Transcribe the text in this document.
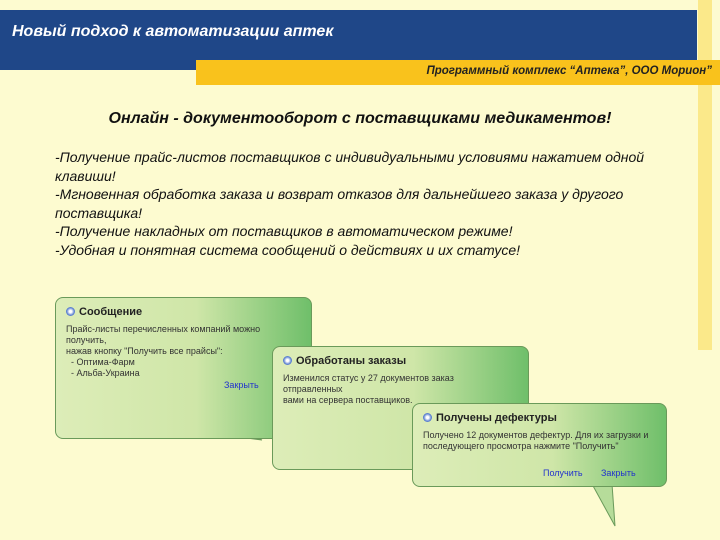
Новый подход к автоматизации аптек
Программный комплекс “Аптека”, ООО Морион”
Онлайн - документооборот с поставщиками медикаментов!
-Получение прайс-листов поставщиков с индивидуальными условиями нажатием одной клавиши!
-Мгновенная обработка заказа и возврат отказов для дальнейшего заказа у другого поставщика!
-Получение накладных от поставщиков в автоматическом режиме!
-Удобная и понятная система сообщений о действиях и их статусе!
Сообщение
Прайс-листы перечисленных компаний можно получить,
нажав кнопку "Получить все прайсы":
- Оптима-Фарм
- Альба-Украина
Закрыть
Обработаны заказы
Изменился статус у 27 документов заказ отправленных
вами на сервера поставщиков.
Получены дефектуры
Получено 12 документов дефектур. Для их загрузки и
последующего просмотра нажмите "Получить"
Получить Закрыть
